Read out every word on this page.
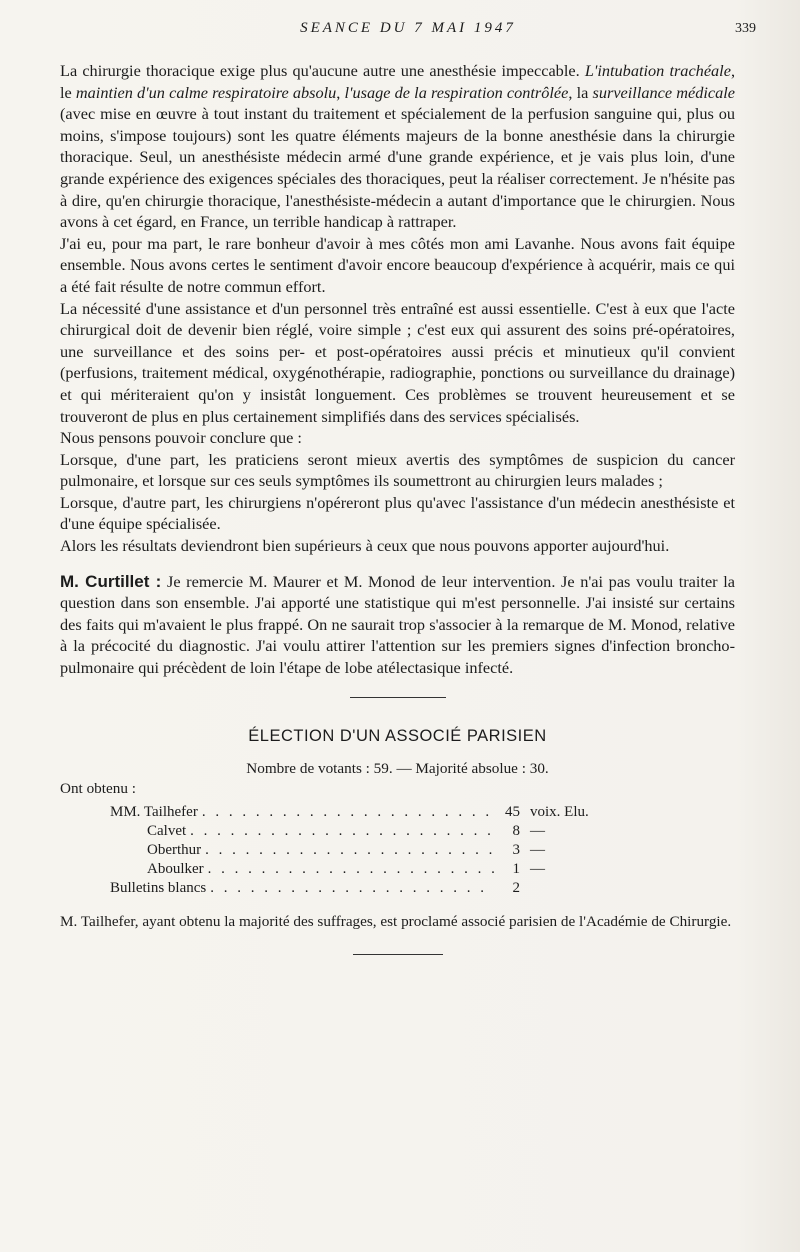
SEANCE DU 7 MAI 1947	339

La chirurgie thoracique exige plus qu'aucune autre une anesthésie impeccable. L'intubation trachéale, le maintien d'un calme respiratoire absolu, l'usage de la respiration contrôlée, la surveillance médicale (avec mise en œuvre à tout instant du traitement et spécialement de la perfusion sanguine qui, plus ou moins, s'impose toujours) sont les quatre éléments majeurs de la bonne anesthésie dans la chirurgie thoracique. Seul, un anesthésiste médecin armé d'une grande expérience, et je vais plus loin, d'une grande expérience des exigences spéciales des thoraciques, peut la réaliser correctement. Je n'hésite pas à dire, qu'en chirurgie thoracique, l'anesthésiste-médecin a autant d'importance que le chirurgien. Nous avons à cet égard, en France, un terrible handicap à rattraper.

J'ai eu, pour ma part, le rare bonheur d'avoir à mes côtés mon ami Lavanhe. Nous avons fait équipe ensemble. Nous avons certes le sentiment d'avoir encore beaucoup d'expérience à acquérir, mais ce qui a été fait résulte de notre commun effort.

La nécessité d'une assistance et d'un personnel très entraîné est aussi essentielle. C'est à eux que l'acte chirurgical doit de devenir bien réglé, voire simple ; c'est eux qui assurent des soins pré-opératoires, une surveillance et des soins per- et post-opératoires aussi précis et minutieux qu'il convient (perfusions, traitement médical, oxygénothérapie, radiographie, ponctions ou surveillance du drainage) et qui mériteraient qu'on y insistât longuement. Ces problèmes se trouvent heureusement et se trouveront de plus en plus certainement simplifiés dans des services spécialisés.

Nous pensons pouvoir conclure que :

Lorsque, d'une part, les praticiens seront mieux avertis des symptômes de suspicion du cancer pulmonaire, et lorsque sur ces seuls symptômes ils soumettront au chirurgien leurs malades ;

Lorsque, d'autre part, les chirurgiens n'opéreront plus qu'avec l'assistance d'un médecin anesthésiste et d'une équipe spécialisée.

Alors les résultats deviendront bien supérieurs à ceux que nous pouvons apporter aujourd'hui.

M. Curtillet : Je remercie M. Maurer et M. Monod de leur intervention. Je n'ai pas voulu traiter la question dans son ensemble. J'ai apporté une statistique qui m'est personnelle. J'ai insisté sur certains des faits qui m'avaient le plus frappé. On ne saurait trop s'associer à la remarque de M. Monod, relative à la précocité du diagnostic. J'ai voulu attirer l'attention sur les premiers signes d'infection broncho-pulmonaire qui précèdent de loin l'étape de lobe atélectasique infecté.

ÉLECTION D'UN ASSOCIÉ PARISIEN
Nombre de votants : 59. — Majorité absolue : 30.
Ont obtenu :
MM. Tailhefer . . .	45 voix. Elu.
Calvet . . .	8 —
Oberthur . . .	3 —
Aboulker . . .	1 —
Bulletins blancs . . .	2

M. Tailhefer, ayant obtenu la majorité des suffrages, est proclamé associé parisien de l'Académie de Chirurgie.
